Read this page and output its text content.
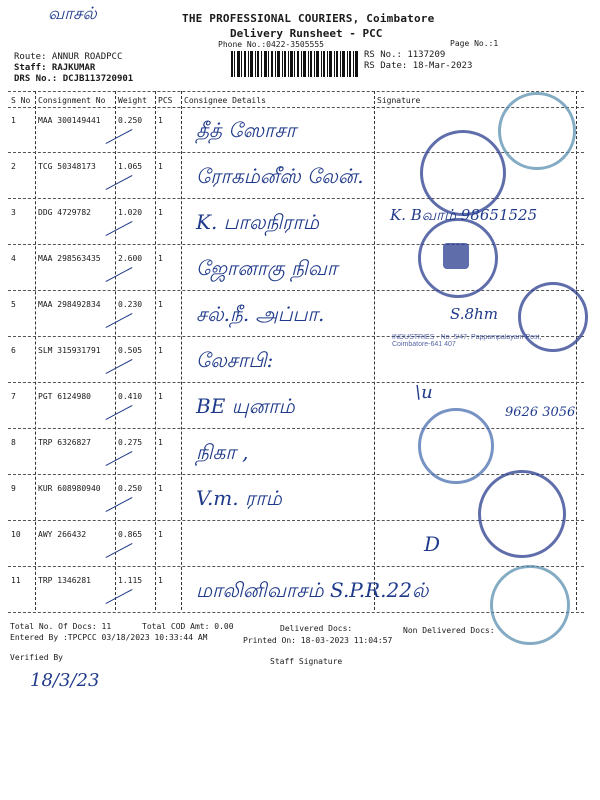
வாசல்	THE PROFESSIONAL COURIERS, Coimbatore
Delivery Runsheet - PCC
Phone No.:0422-3505555	Page No.:1
Route: ANNUR ROADPCC
Staff: RAJKUMAR
DRS No.: DCJB113720901
RS No.: 1137209
RS Date: 18-Mar-2023
S No Consignment No Weight PCS Consignee Details	Signature
1	MAA 300149441 0.250 1 தீத் ஸோசா
2	TCG 50348173	1.065 1 ரோகம்னீஸ் லேன்.
3	DDG 4729782	1.020 1 K. பாலநிராம்
4	MAA 298563435 2.600 1 ஜோனாகு நிவா
5	MAA 298492834 0.230 1 சல்.நீ. அப்பா.
6	SLM 315931791 0.505 1 லேசாபி:
7	PGT 6124980	0.410 1 BE யுனாம்
8	TRP 6326827	0.275 1 நிகா ,
9	KUR 608980940 0.250 1 V.m. ராம்
10 AWY 266432	0.865 1
11 TRP 1346281	1.115 1 மாலினிவாசம் S.P.R.22ல்
INDUSTRIES · No. 5/47, Pappampalayam Post, Coimbatore-641 407
K. Bவாம் 98651525
S.8hm
9626 3056
\u
D
Total No. Of Docs: 11	Total COD Amt: 0.00	Delivered Docs:	Non Delivered Docs:
Entered By :TPCPCC 03/18/2023 10:33:44 AM	Printed On: 18-03-2023 11:04:57
Verified By
18/3/23
Staff Signature
